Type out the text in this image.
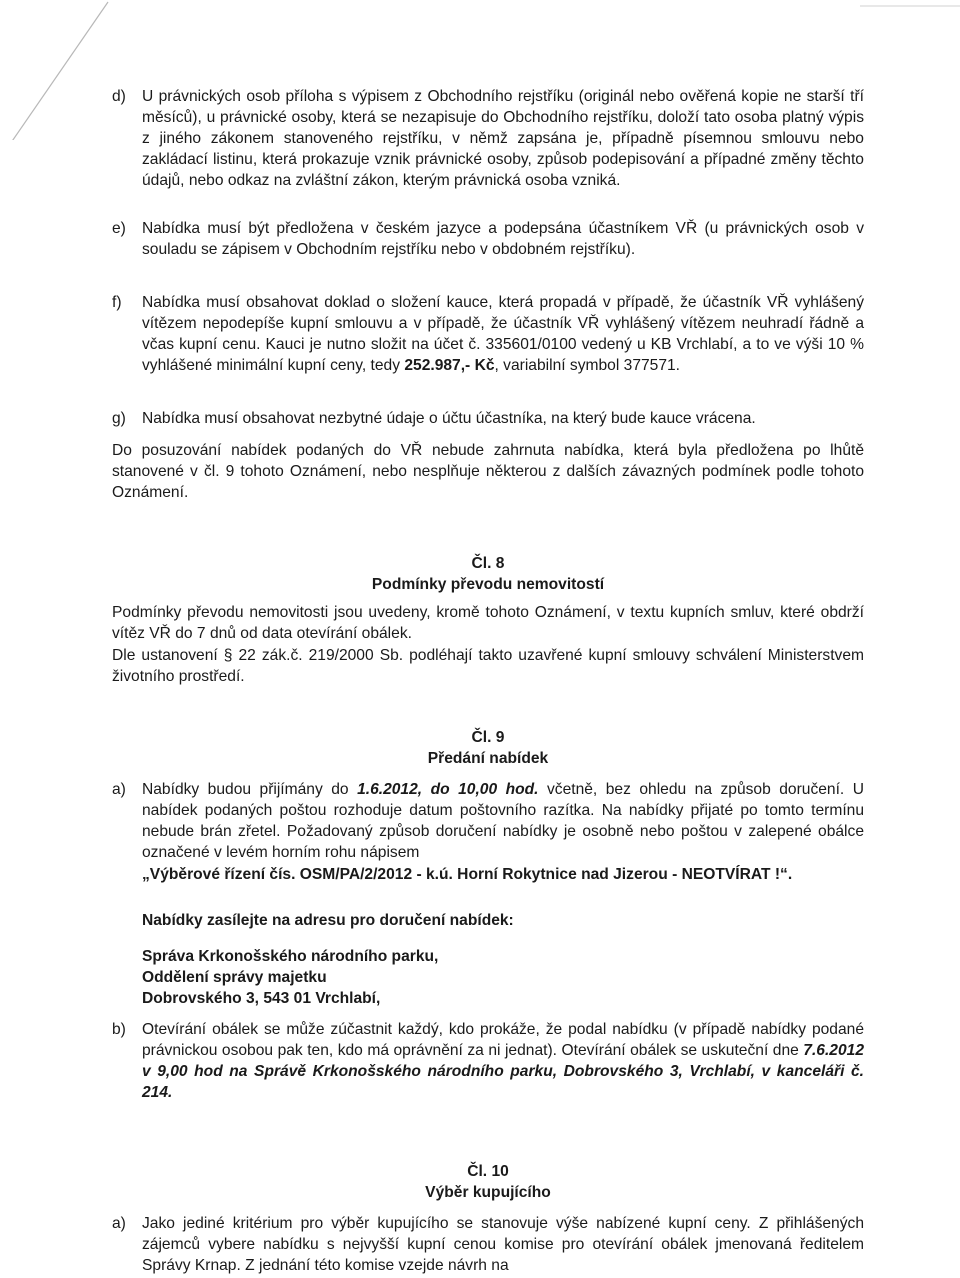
d)	U právnických osob příloha s výpisem z Obchodního rejstříku (originál nebo ověřená kopie ne starší tří měsíců), u právnické osoby, která se nezapisuje do Obchodního rejstříku, doloží tato osoba platný výpis z jiného zákonem stanoveného rejstříku, v němž zapsána je, případně písemnou smlouvu nebo zakládací listinu, která prokazuje vznik právnické osoby, způsob podepisování a případné změny těchto údajů, nebo odkaz na zvláštní zákon, kterým právnická osoba vzniká.
e)	Nabídka musí být předložena v českém jazyce a podepsána účastníkem VŘ (u právnických osob v souladu se zápisem v Obchodním rejstříku nebo v obdobném rejstříku).
f)	Nabídka musí obsahovat doklad o složení kauce, která propadá v případě, že účastník VŘ vyhlášený vítězem nepodepíše kupní smlouvu a v případě, že účastník VŘ vyhlášený vítězem neuhradí řádně a včas kupní cenu. Kauci je nutno složit na účet č. 335601/0100 vedený u KB Vrchlabí, a to ve výši 10 % vyhlášené minimální kupní ceny, tedy 252.987,- Kč, variabilní symbol 377571.
g)	Nabídka musí obsahovat nezbytné údaje o účtu účastníka, na který bude kauce vrácena.
Do posuzování nabídek podaných do VŘ nebude zahrnuta nabídka, která byla předložena po lhůtě stanovené v čl. 9 tohoto Oznámení, nebo nesplňuje některou z dalších závazných podmínek podle tohoto Oznámení.
Čl. 8
Podmínky převodu nemovitostí
Podmínky převodu nemovitosti jsou uvedeny, kromě tohoto Oznámení, v textu kupních smluv, které obdrží vítěz VŘ do 7 dnů od data otevírání obálek.
Dle ustanovení § 22 zák.č. 219/2000 Sb. podléhají takto uzavřené kupní smlouvy schválení Ministerstvem životního prostředí.
Čl. 9
Předání nabídek
a)	Nabídky budou přijímány do 1.6.2012, do 10,00 hod. včetně, bez ohledu na způsob doručení. U nabídek podaných poštou rozhoduje datum poštovního razítka. Na nabídky přijaté po tomto termínu nebude brán zřetel. Požadovaný způsob doručení nabídky je osobně nebo poštou v zalepené obálce označené v levém horním rohu nápisem
„Výběrové řízení čís. OSM/PA/2/2012 - k.ú. Horní Rokytnice nad Jizerou - NEOTVÍRAT !“.
Nabídky zasílejte na adresu pro doručení nabídek:
Správa Krkonošského národního parku,
Oddělení správy majetku
Dobrovského 3, 543 01 Vrchlabí,
b)	Otevírání obálek se může zúčastnit každý, kdo prokáže, že podal nabídku (v případě nabídky podané právnickou osobou pak ten, kdo má oprávnění za ni jednat). Otevírání obálek se uskuteční dne 7.6.2012 v 9,00 hod na Správě Krkonošského národního parku, Dobrovského 3, Vrchlabí, v kanceláři č. 214.
Čl. 10
Výběr kupujícího
a)	Jako jediné kritérium pro výběr kupujícího se stanovuje výše nabízené kupní ceny. Z přihlášených zájemců vybere nabídku s nejvyšší kupní cenou komise pro otevírání obálek jmenovaná ředitelem Správy Krnap. Z jednání této komise vzejde návrh na
